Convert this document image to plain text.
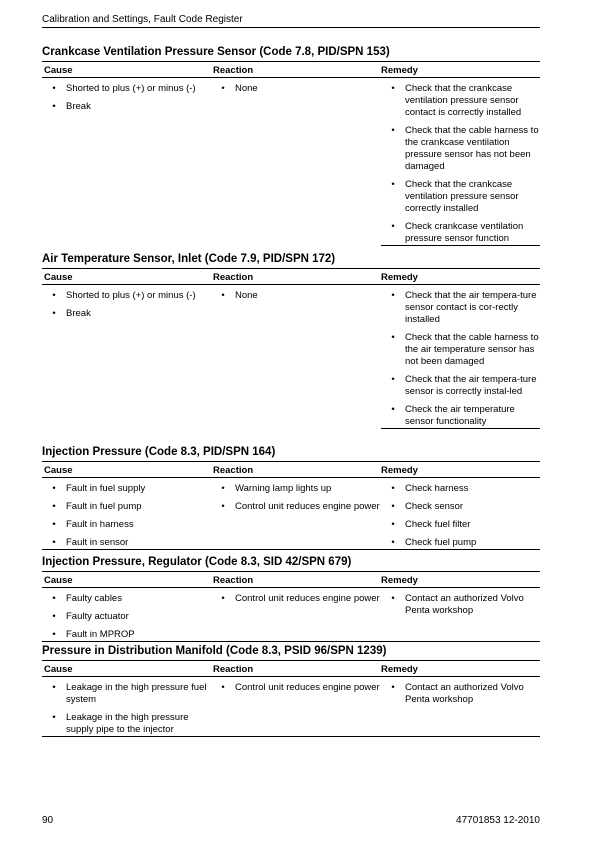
Calibration and Settings, Fault Code Register
Crankcase Ventilation Pressure Sensor (Code 7.8, PID/SPN 153)
Cause
•	Shorted to plus (+) or minus (-)
•	Break
Reaction
•	None
Remedy
•	Check that the crankcase ventilation pressure sensor contact is correctly installed
•	Check that the cable harness to the crankcase ventilation pressure sensor has not been damaged
•	Check that the crankcase ventilation pressure sensor correctly installed
•	Check crankcase ventilation pressure sensor function
Air Temperature Sensor, Inlet (Code 7.9, PID/SPN 172)
Cause
•	Shorted to plus (+) or minus (-)
•	Break
Reaction
•	None
Remedy
•	Check that the air tempera-ture sensor contact is cor-rectly installed
•	Check that the cable harness to the air temperature sensor has not been damaged
•	Check that the air tempera-ture sensor is correctly instal-led
•	Check the air temperature sensor functionality
Injection Pressure (Code 8.3, PID/SPN 164)
Cause
•	Fault in fuel supply
•	Fault in fuel pump
•	Fault in harness
•	Fault in sensor
Reaction
•	Warning lamp lights up
•	Control unit reduces engine power
Remedy
•	Check harness
•	Check sensor
•	Check fuel filter
•	Check fuel pump
Injection Pressure, Regulator (Code 8.3, SID 42/SPN 679)
Cause
•	Faulty cables
•	Faulty actuator
•	Fault in MPROP
Reaction
•	Control unit reduces engine power
Remedy
•	Contact an authorized Volvo Penta workshop
Pressure in Distribution Manifold (Code 8.3, PSID 96/SPN 1239)
Cause
•	Leakage in the high pressure fuel system
•	Leakage in the high pressure supply pipe to the injector
Reaction
•	Control unit reduces engine power
Remedy
•	Contact an authorized Volvo Penta workshop
90	47701853 12-2010
